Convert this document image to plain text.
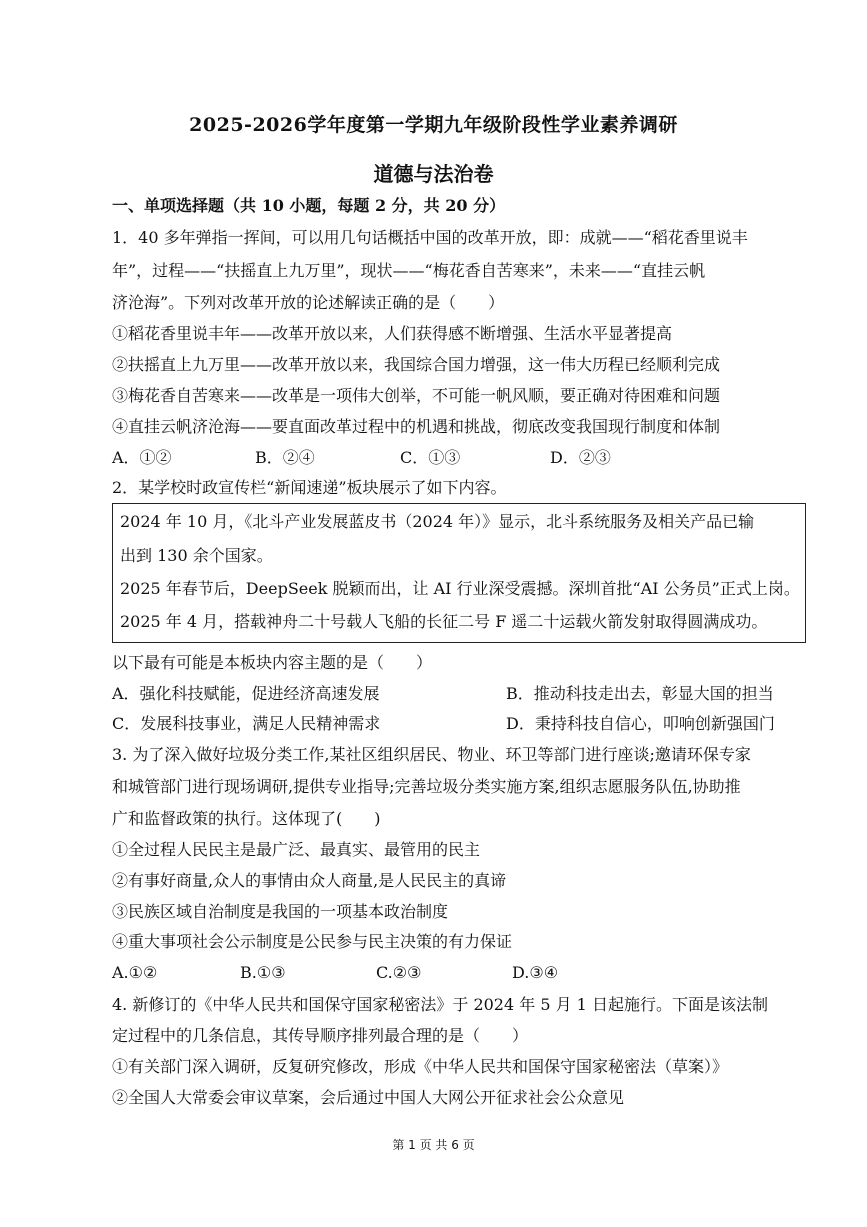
2025-2026学年度第一学期九年级阶段性学业素养调研
道德与法治卷
一、单项选择题（共 10 小题，每题 2 分，共 20 分）
1．40 多年弹指一挥间，可以用几句话概括中国的改革开放，即：成就——“稻花香里说丰
年”，过程——“扶摇直上九万里”，现状——“梅花香自苦寒来”，未来——“直挂云帆
济沧海”。下列对改革开放的论述解读正确的是（　　）
①稻花香里说丰年——改革开放以来，人们获得感不断增强、生活水平显著提高
②扶摇直上九万里——改革开放以来，我国综合国力增强，这一伟大历程已经顺利完成
③梅花香自苦寒来——改革是一项伟大创举，不可能一帆风顺，要正确对待困难和问题
④直挂云帆济沧海——要直面改革过程中的机遇和挑战，彻底改变我国现行制度和体制
A．①②	B．②④	C．①③	D．②③
2．某学校时政宣传栏“新闻速递”板块展示了如下内容。
2024 年 10 月，《北斗产业发展蓝皮书（2024 年）》显示，北斗系统服务及相关产品已输
出到 130 余个国家。
2025 年春节后，DeepSeek 脱颖而出，让 AI 行业深受震撼。深圳首批“AI 公务员”正式上岗。
2025 年 4 月，搭载神舟二十号载人飞船的长征二号 F 遥二十运载火箭发射取得圆满成功。
以下最有可能是本板块内容主题的是（　　）
A．强化科技赋能，促进经济高速发展	B．推动科技走出去，彰显大国的担当
C．发展科技事业，满足人民精神需求	D．秉持科技自信心，叩响创新强国门
3. 为了深入做好垃圾分类工作,某社区组织居民、物业、环卫等部门进行座谈;邀请环保专家
和城管部门进行现场调研,提供专业指导;完善垃圾分类实施方案,组织志愿服务队伍,协助推
广和监督政策的执行。这体现了(　　)
①全过程人民民主是最广泛、最真实、最管用的民主
②有事好商量,众人的事情由众人商量,是人民民主的真谛
③民族区域自治制度是我国的一项基本政治制度
④重大事项社会公示制度是公民参与民主决策的有力保证
A.①②	B.①③	C.②③	D.③④
4. 新修订的《中华人民共和国保守国家秘密法》于 2024 年 5 月 1 日起施行。下面是该法制
定过程中的几条信息，其传导顺序排列最合理的是（　　）
①有关部门深入调研，反复研究修改，形成《中华人民共和国保守国家秘密法（草案）》
②全国人大常委会审议草案，会后通过中国人大网公开征求社会公众意见
第 1 页 共 6 页
